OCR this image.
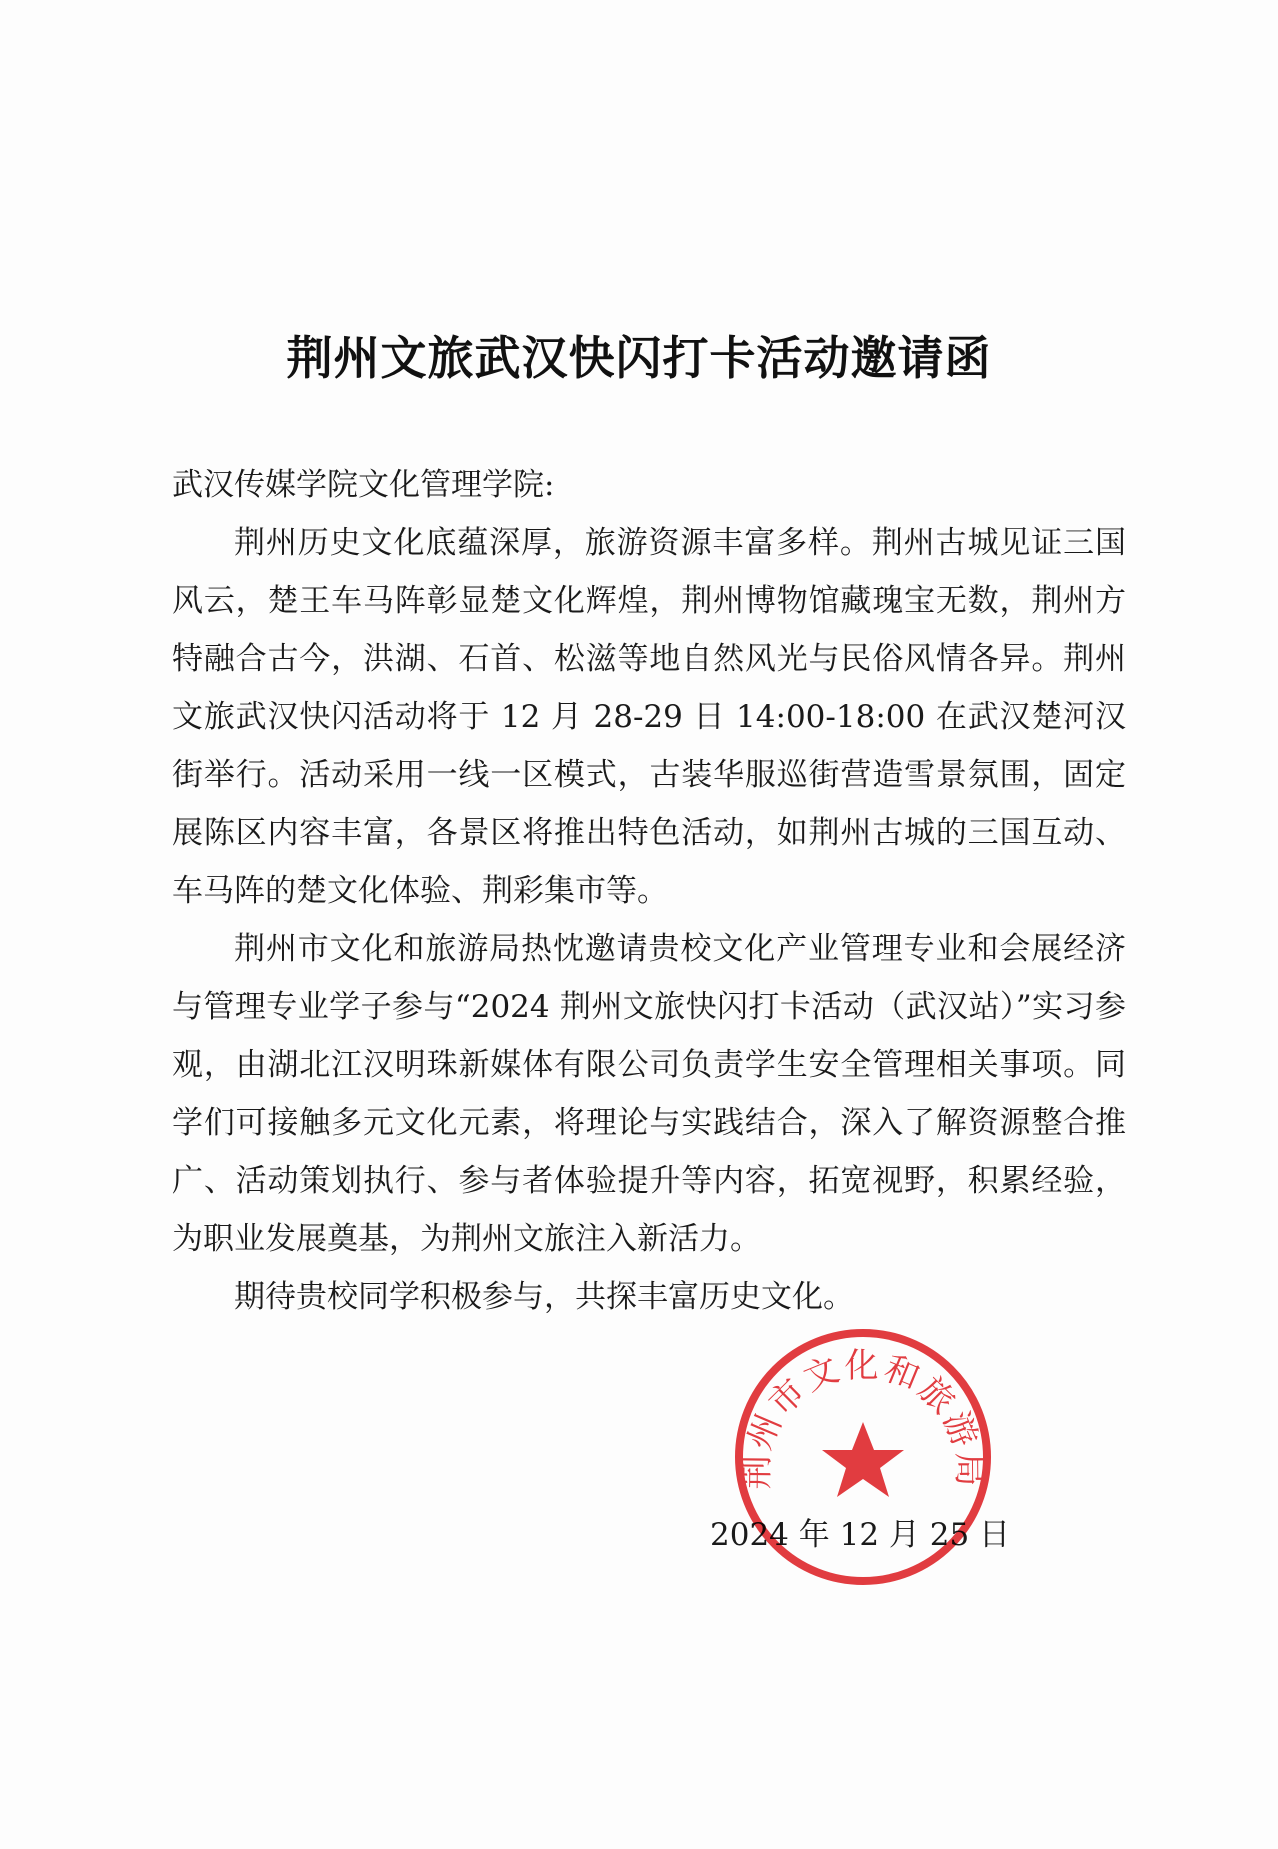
荆州文旅武汉快闪打卡活动邀请函

武汉传媒学院文化管理学院:

荆州历史文化底蕴深厚，旅游资源丰富多样。荆州古城见证三国风云，楚王车马阵彰显楚文化辉煌，荆州博物馆藏瑰宝无数，荆州方特融合古今，洪湖、石首、松滋等地自然风光与民俗风情各异。荆州文旅武汉快闪活动将于 12 月 28-29 日 14:00-18:00 在武汉楚河汉街举行。活动采用一线一区模式，古装华服巡街营造雪景氛围，固定展陈区内容丰富，各景区将推出特色活动，如荆州古城的三国互动、车马阵的楚文化体验、荆彩集市等。

荆州市文化和旅游局热忱邀请贵校文化产业管理专业和会展经济与管理专业学子参与“2024 荆州文旅快闪打卡活动（武汉站）”实习参观，由湖北江汉明珠新媒体有限公司负责学生安全管理相关事项。同学们可接触多元文化元素，将理论与实践结合，深入了解资源整合推广、活动策划执行、参与者体验提升等内容，拓宽视野，积累经验，为职业发展奠基，为荆州文旅注入新活力。

期待贵校同学积极参与，共探丰富历史文化。

2024 年 12 月 25 日
荆州市文化和旅游局
